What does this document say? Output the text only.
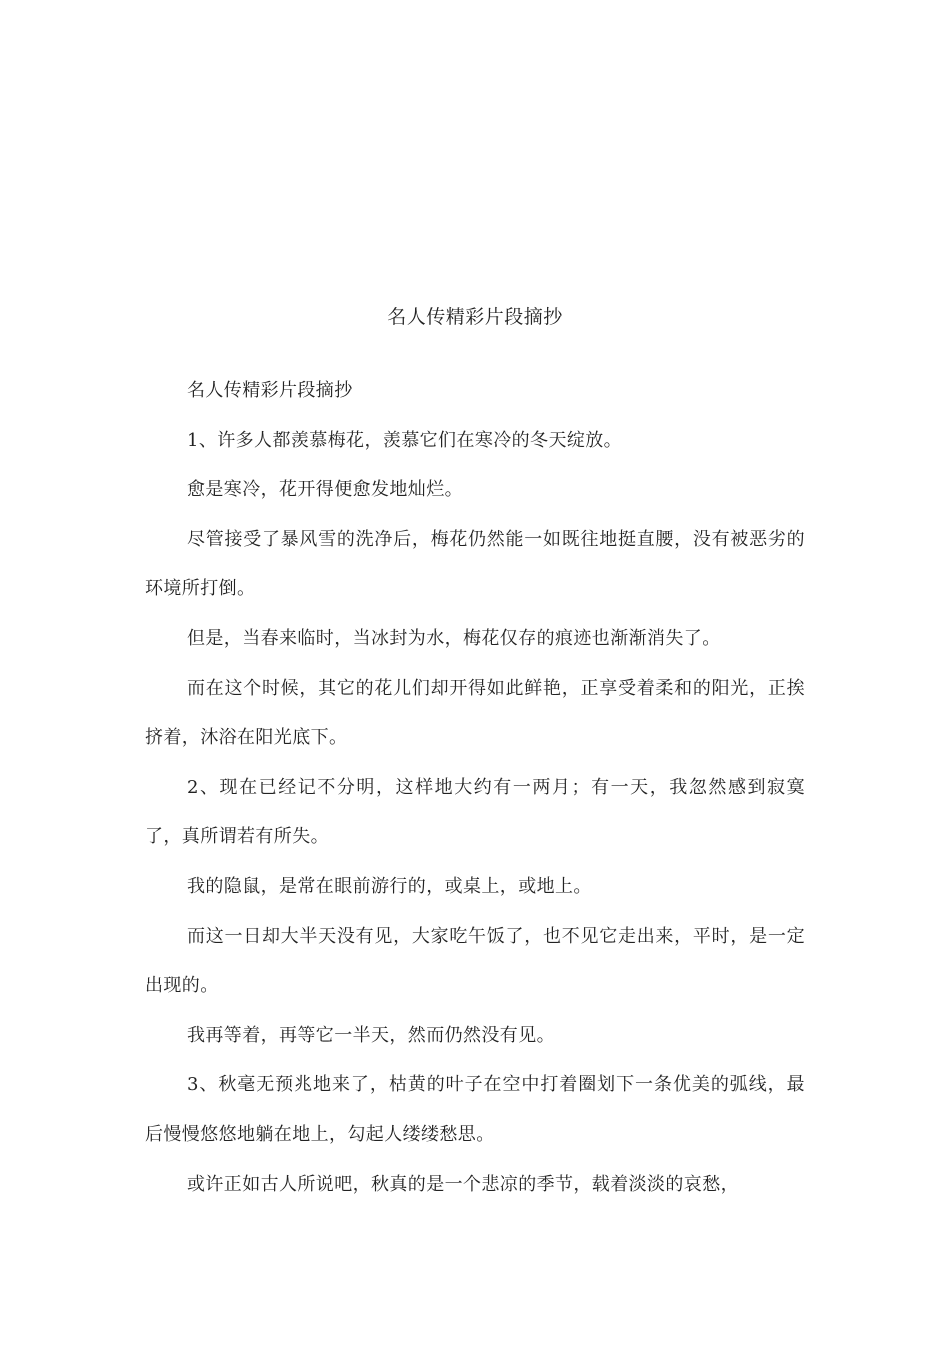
名人传精彩片段摘抄

名人传精彩片段摘抄

1、许多人都羡慕梅花，羡慕它们在寒冷的冬天绽放。

愈是寒冷，花开得便愈发地灿烂。

尽管接受了暴风雪的洗净后，梅花仍然能一如既往地挺直腰，没有被恶劣的环境所打倒。

但是，当春来临时，当冰封为水，梅花仅存的痕迹也渐渐消失了。

而在这个时候，其它的花儿们却开得如此鲜艳，正享受着柔和的阳光，正挨挤着，沐浴在阳光底下。

2、现在已经记不分明，这样地大约有一两月；有一天，我忽然感到寂寞了，真所谓若有所失。

我的隐鼠，是常在眼前游行的，或桌上，或地上。

而这一日却大半天没有见，大家吃午饭了，也不见它走出来，平时，是一定出现的。

我再等着，再等它一半天，然而仍然没有见。

3、秋毫无预兆地来了，枯黄的叶子在空中打着圈划下一条优美的弧线，最后慢慢悠悠地躺在地上，勾起人缕缕愁思。

或许正如古人所说吧，秋真的是一个悲凉的季节，载着淡淡的哀愁，
